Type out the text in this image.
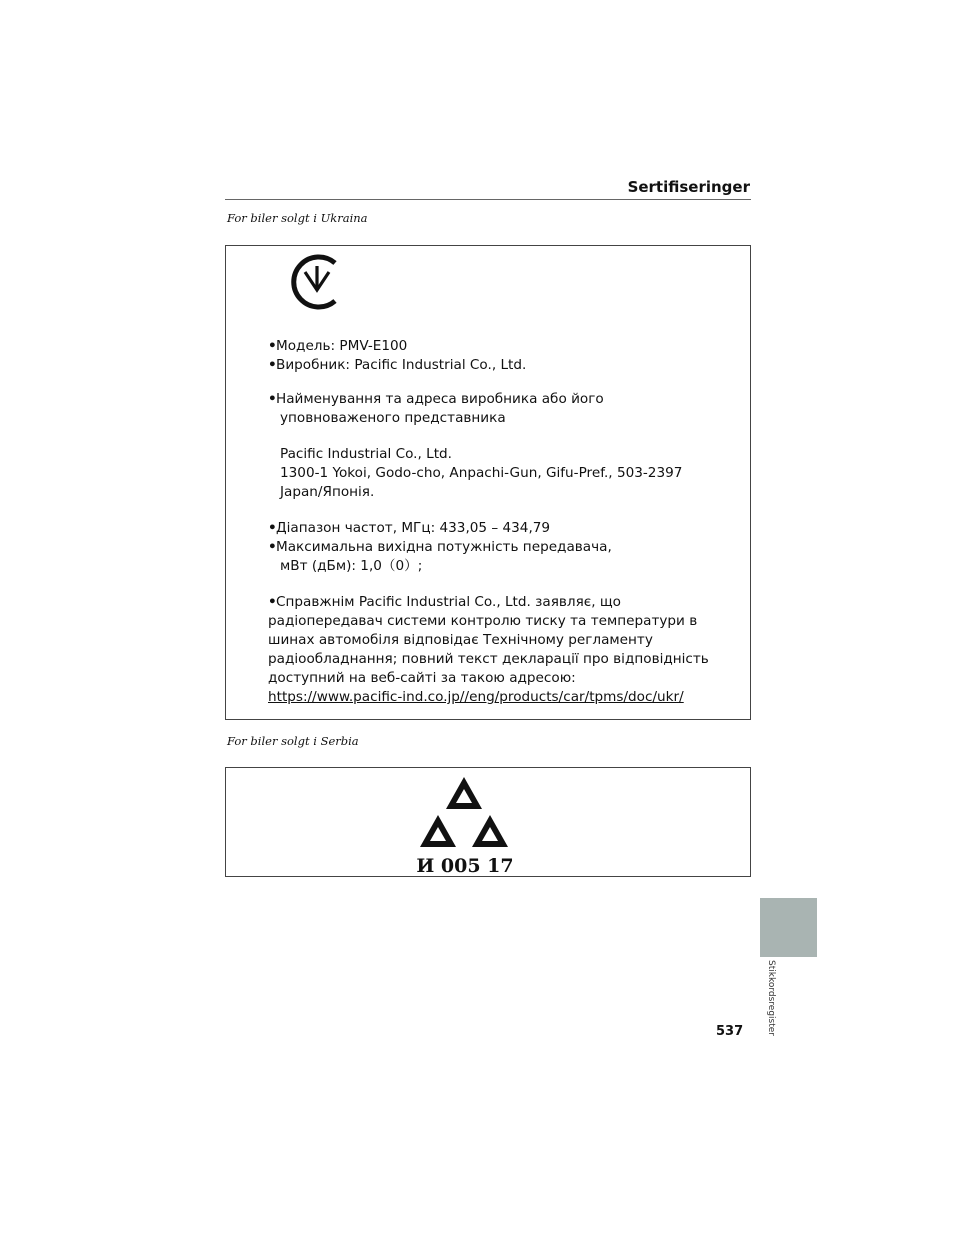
Sertifiseringer
For biler solgt i Ukraina

•Модель: PMV-E100

•Виробник: Pacific Industrial Co., Ltd.

•Найменування та адреса виробника або його

уповноваженого представника

Pacific Industrial Co., Ltd.

1300-1 Yokoi, Godo-cho, Anpachi-Gun, Gifu-Pref., 503-2397

Japan/Японія.

•Діапазон частот, МГц: 433,05 – 434,79

•Максимальна вихідна потужність передавача,

мВт (дБм): 1,0（0）;

•Справжнім Pacific Industrial Co., Ltd. заявляє, що

радіопередавач системи контролю тиску та температури в

шинах автомобіля відповідає Технічному регламенту

радіообладнання; повний текст декларації про відповідність

доступний на веб-сайті за такою адресою:

https://www.pacific-ind.co.jp//eng/products/car/tpms/doc/ukr/

For biler solgt i Serbia
И 005 17
Stikkordsregister
537
